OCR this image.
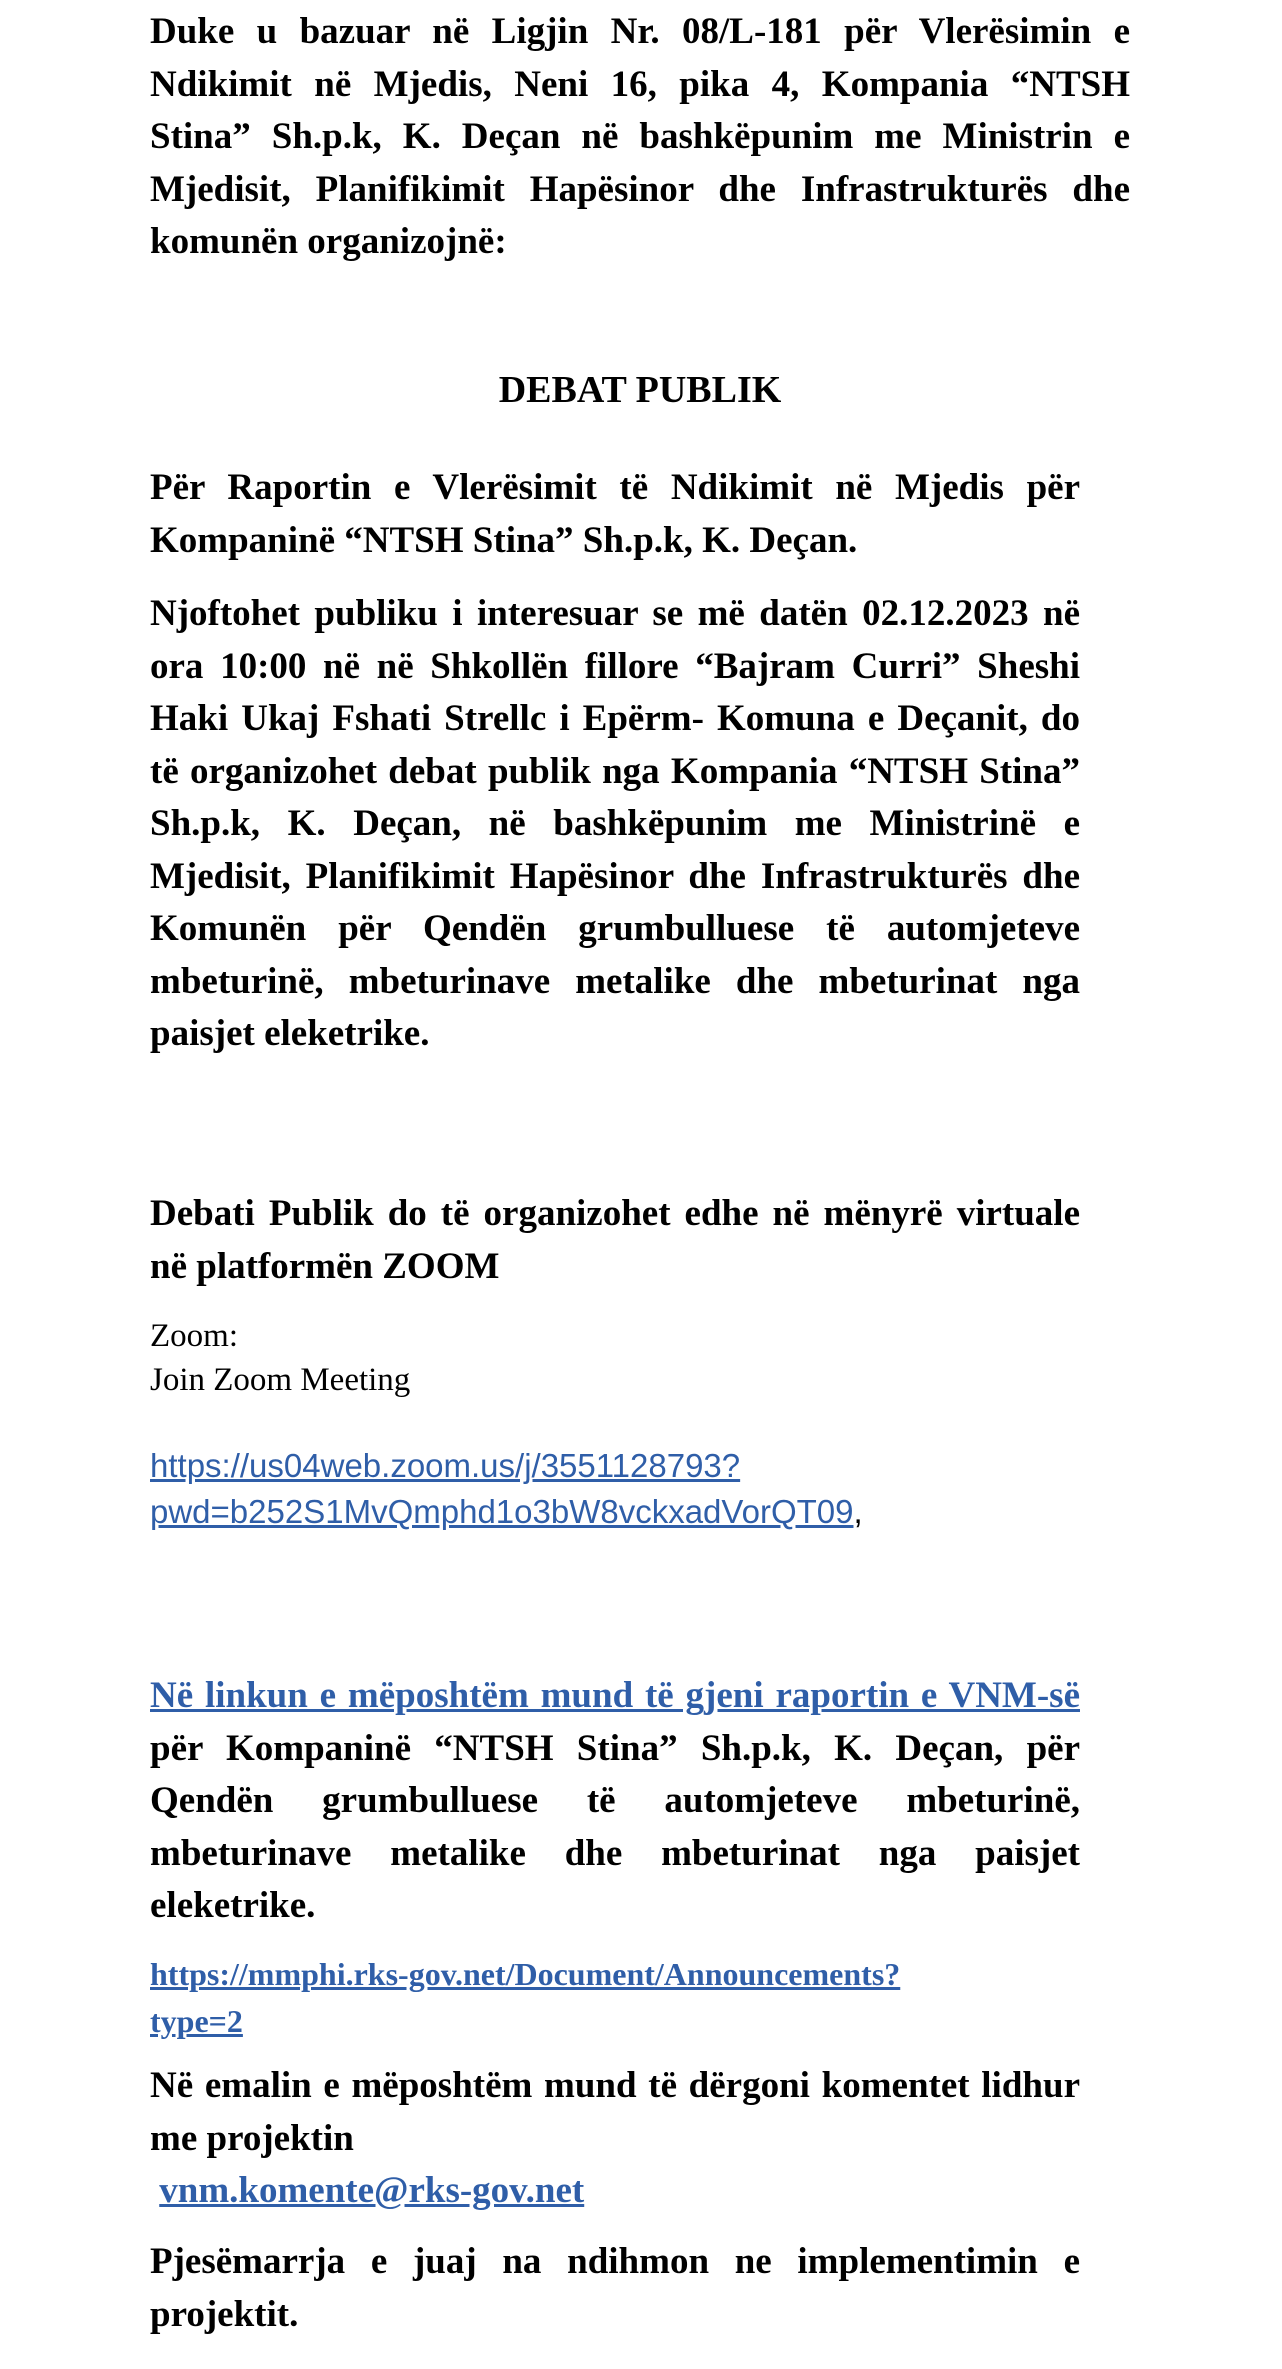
Duke u bazuar në Ligjin Nr. 08/L-181 për Vlerësimin e Ndikimit në Mjedis, Neni 16, pika 4, Kompania “NTSH Stina” Sh.p.k, K. Deçan në bashkëpunim me Ministrin e Mjedisit, Planifikimit Hapësinor dhe Infrastrukturës dhe komunën organizojnë:

DEBAT PUBLIK

Për Raportin e Vlerësimit të Ndikimit në Mjedis për Kompaninë “NTSH Stina” Sh.p.k, K. Deçan.

Njoftohet publiku i interesuar se më datën 02.12.2023 në ora 10:00 në në Shkollën fillore “Bajram Curri” Sheshi Haki Ukaj Fshati Strellc i Epërm- Komuna e Deçanit, do të organizohet debat publik nga Kompania “NTSH Stina” Sh.p.k, K. Deçan, në bashkëpunim me Ministrinë e Mjedisit, Planifikimit Hapësinor dhe Infrastrukturës dhe Komunën për Qendën grumbulluese të automjeteve mbeturinë, mbeturinave metalike dhe mbeturinat nga paisjet eleketrike.

Debati Publik do të organizohet edhe në mënyrë virtuale në platformën ZOOM

Zoom:

Join Zoom Meeting

https://us04web.zoom.us/j/3551128793?
pwd=b252S1MvQmphd1o3bW8vckxadVorQT09,

Në linkun e mëposhtëm mund të gjeni raportin e VNM-së për Kompaninë “NTSH Stina” Sh.p.k, K. Deçan, për Qendën grumbulluese të automjeteve mbeturinë, mbeturinave metalike dhe mbeturinat nga paisjet eleketrike.

https://mmphi.rks-gov.net/Document/Announcements?
type=2

Në emalin e mëposhtëm mund të dërgoni komentet lidhur me projektin
vnm.komente@rks-gov.net

Pjesëmarrja e juaj na ndihmon ne implementimin e projektit.
